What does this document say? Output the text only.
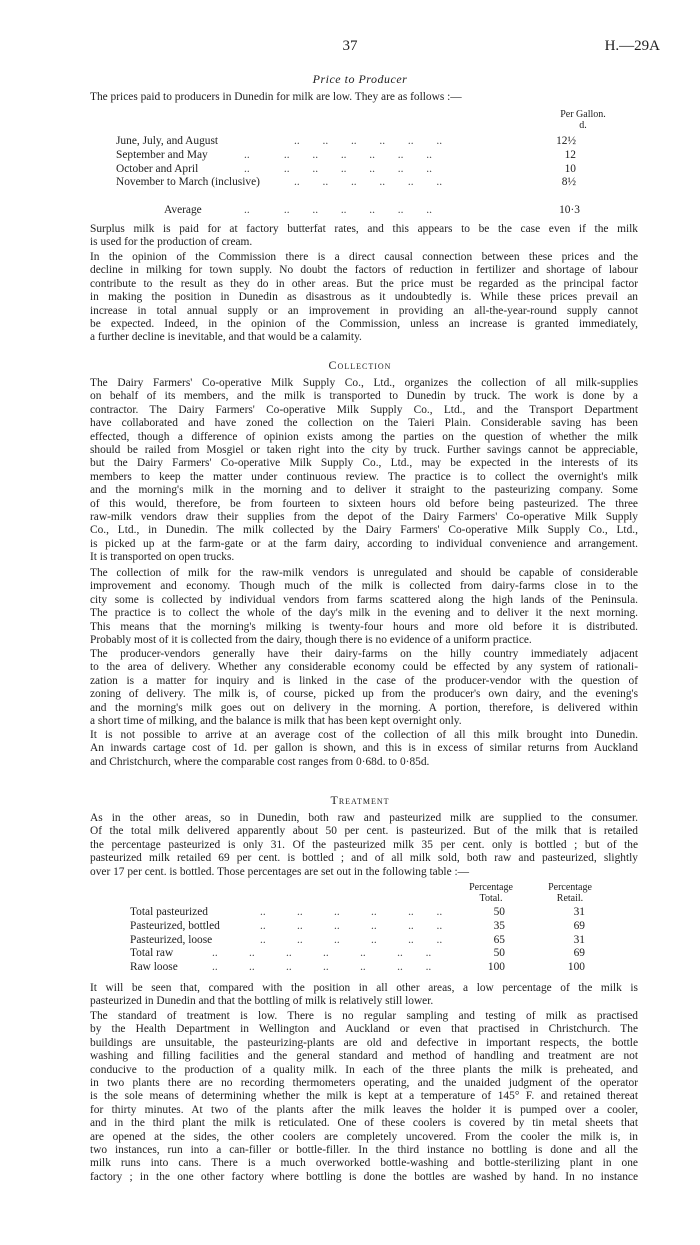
37	H.—29A
Price to Producer
The prices paid to producers in Dunedin for milk are low. They are as follows :—
Per Gallon.
d.
June, July, and August	..        ..        ..        ..        ..        ..	12½
September and May	..            ..        ..        ..        ..        ..        ..	12
October and April	..            ..        ..        ..        ..        ..        ..	10
November to March (inclusive)	..        ..        ..        ..        ..        ..	8½
Average	..            ..        ..        ..        ..        ..        ..	10·3
Surplus milk is paid for at factory butterfat rates, and this appears to be the case even if the milk
is used for the production of cream.
In the opinion of the Commission there is a direct causal connection between these prices and the
decline in milking for town supply. No doubt the factors of reduction in fertilizer and shortage of labour
contribute to the result as they do in other areas. But the price must be regarded as the principal factor
in making the position in Dunedin as disastrous as it undoubtedly is. While these prices prevail an
increase in total annual supply or an improvement in providing an all-the-year-round supply cannot
be expected. Indeed, in the opinion of the Commission, unless an increase is granted immediately,
a further decline is inevitable, and that would be a calamity.
Collection
The Dairy Farmers' Co-operative Milk Supply Co., Ltd., organizes the collection of all milk-supplies
on behalf of its members, and the milk is transported to Dunedin by truck. The work is done by a
contractor. The Dairy Farmers' Co-operative Milk Supply Co., Ltd., and the Transport Department
have collaborated and have zoned the collection on the Taieri Plain. Considerable saving has been
effected, though a difference of opinion exists among the parties on the question of whether the milk
should be railed from Mosgiel or taken right into the city by truck. Further savings cannot be appreciable,
but the Dairy Farmers' Co-operative Milk Supply Co., Ltd., may be expected in the interests of its
members to keep the matter under continuous review. The practice is to collect the overnight's milk
and the morning's milk in the morning and to deliver it straight to the pasteurizing company. Some
of this would, therefore, be from fourteen to sixteen hours old before being pasteurized. The three
raw-milk vendors draw their supplies from the depot of the Dairy Farmers' Co-operative Milk Supply
Co., Ltd., in Dunedin. The milk collected by the Dairy Farmers' Co-operative Milk Supply Co., Ltd.,
is picked up at the farm-gate or at the farm dairy, according to individual convenience and arrangement.
It is transported on open trucks.
The collection of milk for the raw-milk vendors is unregulated and should be capable of considerable
improvement and economy. Though much of the milk is collected from dairy-farms close in to the
city some is collected by individual vendors from farms scattered along the high lands of the Peninsula.
The practice is to collect the whole of the day's milk in the evening and to deliver it the next morning.
This means that the morning's milking is twenty-four hours and more old before it is distributed.
Probably most of it is collected from the dairy, though there is no evidence of a uniform practice.
The producer-vendors generally have their dairy-farms on the hilly country immediately adjacent
to the area of delivery. Whether any considerable economy could be effected by any system of rationali-
zation is a matter for inquiry and is linked in the case of the producer-vendor with the question of
zoning of delivery. The milk is, of course, picked up from the producer's own dairy, and the evening's
and the morning's milk goes out on delivery in the morning. A portion, therefore, is delivered within
a short time of milking, and the balance is milk that has been kept overnight only.
It is not possible to arrive at an average cost of the collection of all this milk brought into Dunedin.
An inwards cartage cost of 1d. per gallon is shown, and this is in excess of similar returns from Auckland
and Christchurch, where the comparable cost ranges from 0·68d. to 0·85d.
Treatment
As in the other areas, so in Dunedin, both raw and pasteurized milk are supplied to the consumer.
Of the total milk delivered apparently about 50 per cent. is pasteurized. But of the milk that is retailed
the percentage pasteurized is only 31. Of the pasteurized milk 35 per cent. only is bottled ; but of the
pasteurized milk retailed 69 per cent. is bottled ; and of all milk sold, both raw and pasteurized, slightly
over 17 per cent. is bottled. Those percentages are set out in the following table :—
Percentage
Total.
Percentage
Retail.
Total pasteurized	..           ..           ..           ..           ..        ..	50	31
Pasteurized, bottled	..           ..           ..           ..           ..        ..	35	69
Pasteurized, loose	..           ..           ..           ..           ..        ..	65	31
Total raw	..           ..           ..           ..           ..           ..        ..	50	69
Raw loose	..           ..           ..           ..           ..           ..        ..	100	100
It will be seen that, compared with the position in all other areas, a low percentage of the milk is
pasteurized in Dunedin and that the bottling of milk is relatively still lower.
The standard of treatment is low. There is no regular sampling and testing of milk as practised
by the Health Department in Wellington and Auckland or even that practised in Christchurch. The
buildings are unsuitable, the pasteurizing-plants are old and defective in important respects, the bottle
washing and filling facilities and the general standard and method of handling and treatment are not
conducive to the production of a quality milk. In each of the three plants the milk is preheated, and
in two plants there are no recording thermometers operating, and the unaided judgment of the operator
is the sole means of determining whether the milk is kept at a temperature of 145° F. and retained thereat
for thirty minutes. At two of the plants after the milk leaves the holder it is pumped over a cooler,
and in the third plant the milk is reticulated. One of these coolers is covered by tin metal sheets that
are opened at the sides, the other coolers are completely uncovered. From the cooler the milk is, in
two instances, run into a can-filler or bottle-filler. In the third instance no bottling is done and all the
milk runs into cans. There is a much overworked bottle-washing and bottle-sterilizing plant in one
factory ; in the one other factory where bottling is done the bottles are washed by hand. In no instance
